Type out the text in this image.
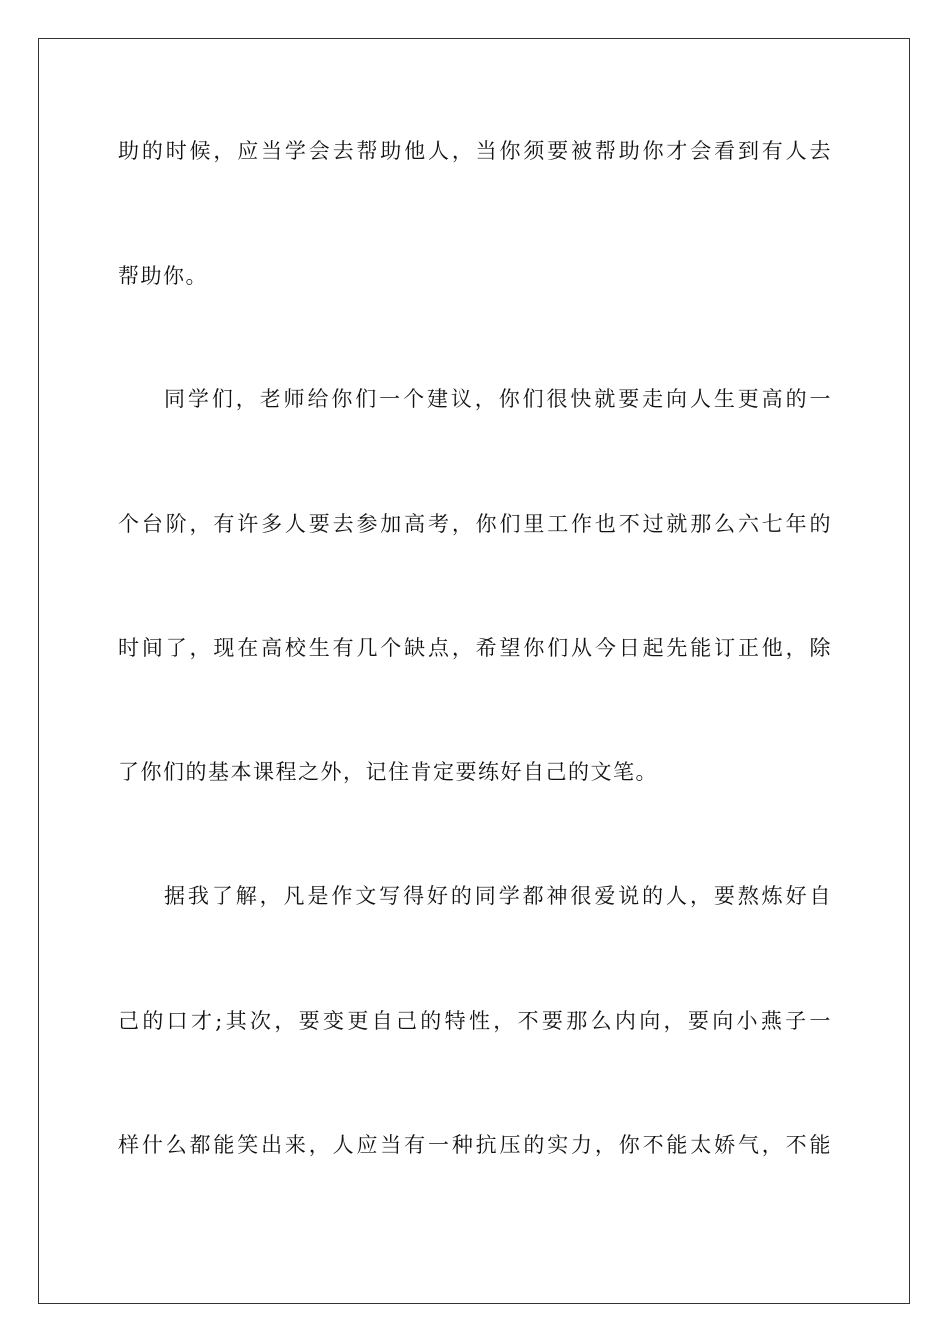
助的时候，应当学会去帮助他人，当你须要被帮助你才会看到有人去
帮助你。
同学们，老师给你们一个建议，你们很快就要走向人生更高的一
个台阶，有许多人要去参加高考，你们里工作也不过就那么六七年的
时间了，现在高校生有几个缺点，希望你们从今日起先能订正他，除
了你们的基本课程之外，记住肯定要练好自己的文笔。
据我了解，凡是作文写得好的同学都神很爱说的人，要熬炼好自
己的口才;其次，要变更自己的特性，不要那么内向，要向小燕子一
样什么都能笑出来，人应当有一种抗压的实力，你不能太娇气，不能
